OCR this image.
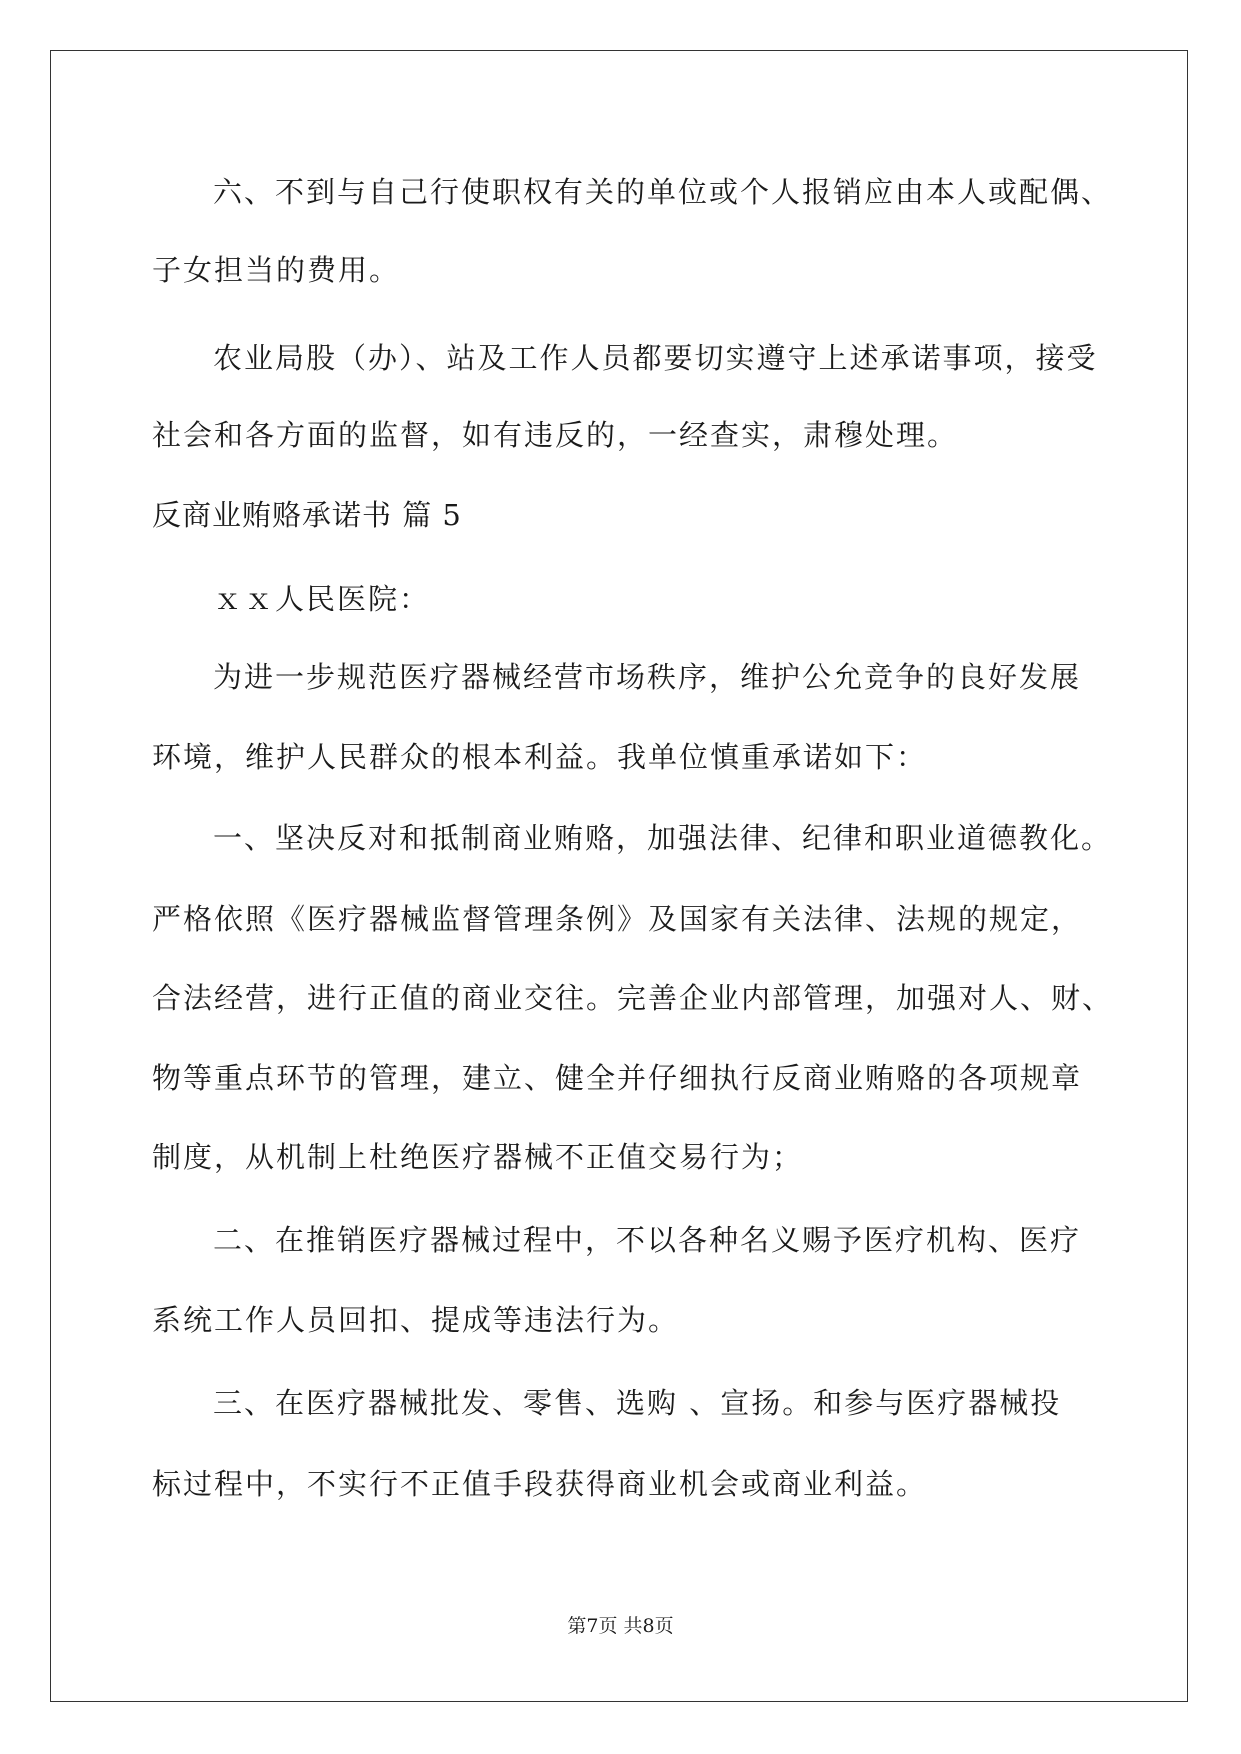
六、不到与自己行使职权有关的单位或个人报销应由本人或配偶、
子女担当的费用。
农业局股（办）、站及工作人员都要切实遵守上述承诺事项，接受
社会和各方面的监督，如有违反的，一经查实，肃穆处理。
反商业贿赂承诺书 篇 5
ｘｘ人民医院：
为进一步规范医疗器械经营市场秩序，维护公允竞争的良好发展
环境，维护人民群众的根本利益。我单位慎重承诺如下：
一、坚决反对和抵制商业贿赂，加强法律、纪律和职业道德教化。
严格依照《医疗器械监督管理条例》及国家有关法律、法规的规定，
合法经营，进行正值的商业交往。完善企业内部管理，加强对人、财、
物等重点环节的管理，建立、健全并仔细执行反商业贿赂的各项规章
制度，从机制上杜绝医疗器械不正值交易行为；
二、在推销医疗器械过程中，不以各种名义赐予医疗机构、医疗
系统工作人员回扣、提成等违法行为。
三、在医疗器械批发、零售、选购 、宣扬。和参与医疗器械投
标过程中，不实行不正值手段获得商业机会或商业利益。
第7页 共8页
